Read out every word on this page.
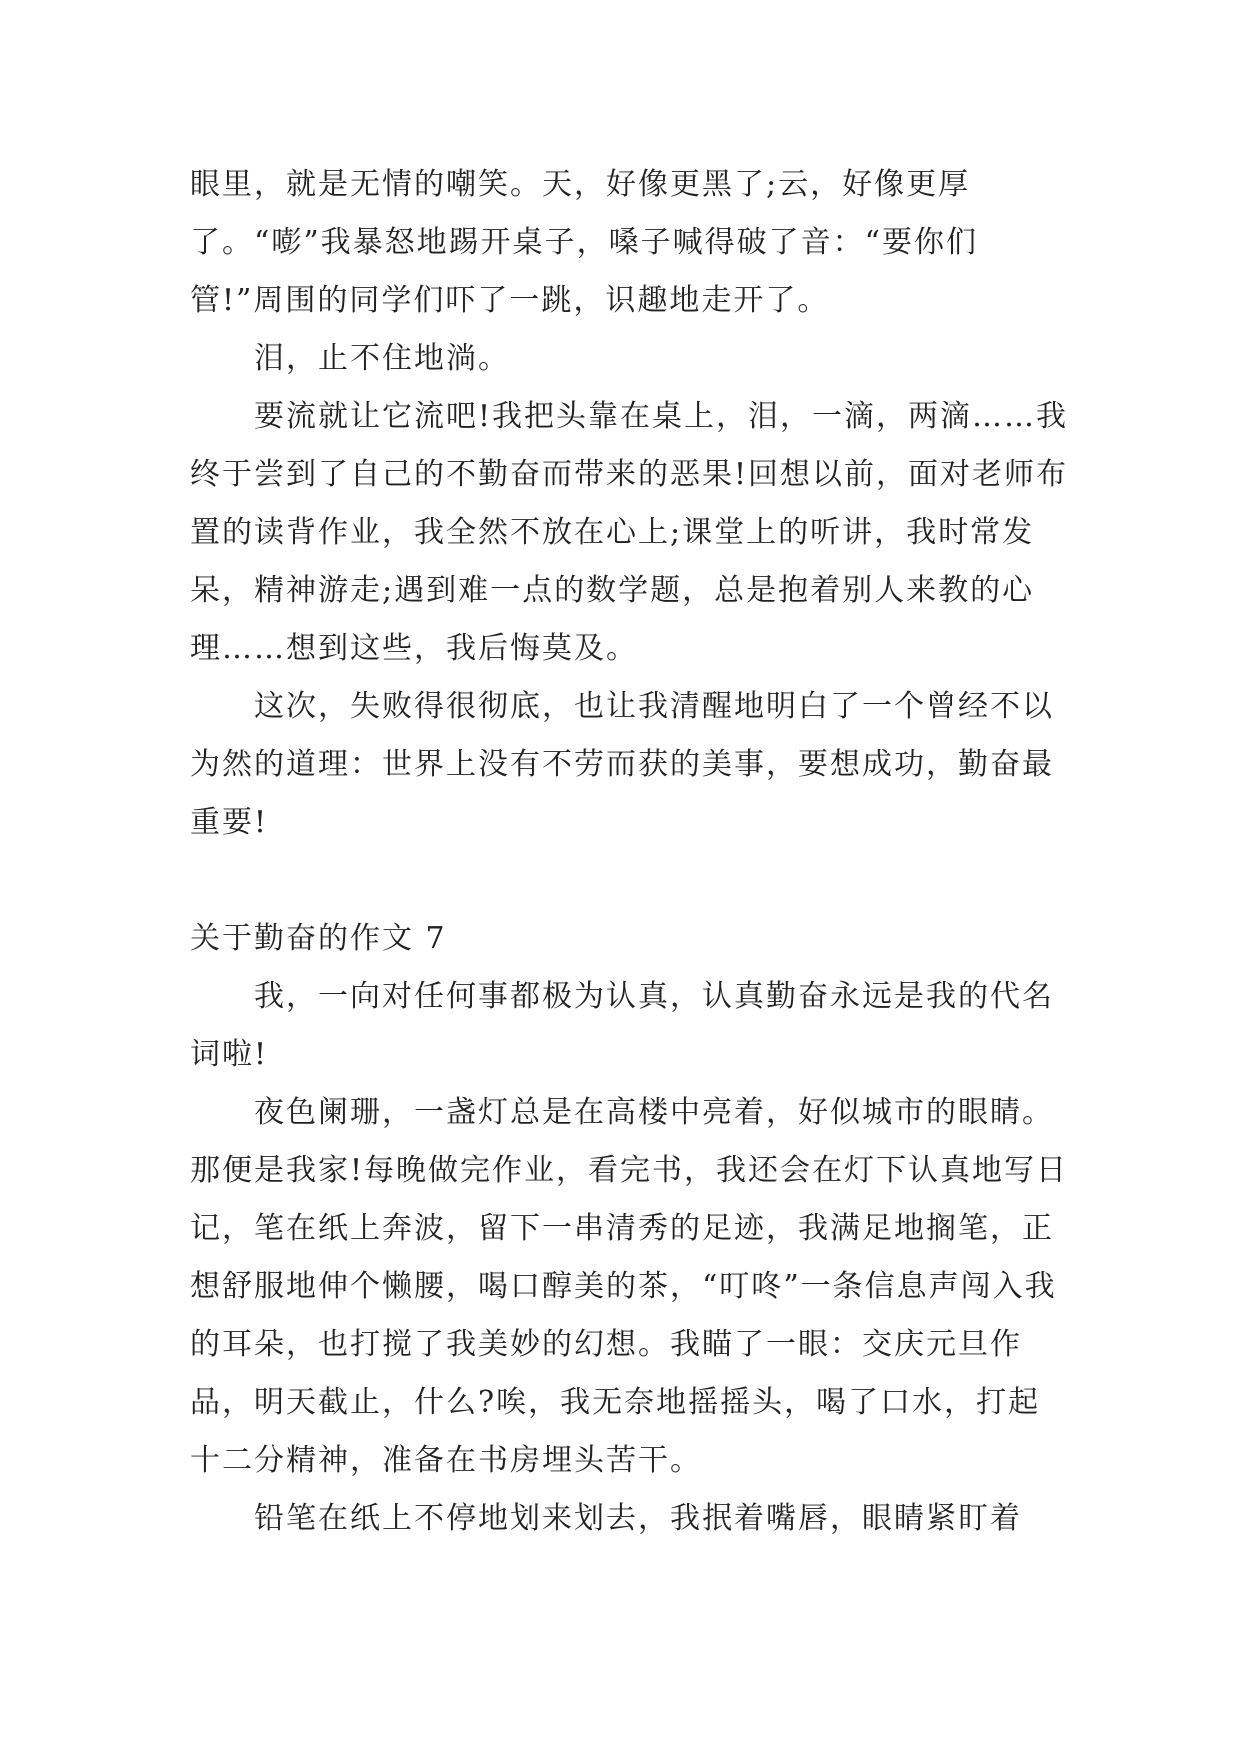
眼里，就是无情的嘲笑。天，好像更黑了;云，好像更厚了。“嘭”我暴怒地踢开桌子，嗓子喊得破了音：“要你们管!”周围的同学们吓了一跳，识趣地走开了。

泪，止不住地淌。

要流就让它流吧!我把头靠在桌上，泪，一滴，两滴……我终于尝到了自己的不勤奋而带来的恶果!回想以前，面对老师布置的读背作业，我全然不放在心上;课堂上的听讲，我时常发呆，精神游走;遇到难一点的数学题，总是抱着别人来教的心理……想到这些，我后悔莫及。

这次，失败得很彻底，也让我清醒地明白了一个曾经不以为然的道理：世界上没有不劳而获的美事，要想成功，勤奋最重要!

关于勤奋的作文 7

我，一向对任何事都极为认真，认真勤奋永远是我的代名词啦!

夜色阑珊，一盏灯总是在高楼中亮着，好似城市的眼睛。那便是我家!每晚做完作业，看完书，我还会在灯下认真地写日记，笔在纸上奔波，留下一串清秀的足迹，我满足地搁笔，正想舒服地伸个懒腰，喝口醇美的茶，“叮咚”一条信息声闯入我的耳朵，也打搅了我美妙的幻想。我瞄了一眼：交庆元旦作品，明天截止，什么?唉，我无奈地摇摇头，喝了口水，打起十二分精神，准备在书房埋头苦干。

铅笔在纸上不停地划来划去，我抿着嘴唇，眼睛紧盯着
